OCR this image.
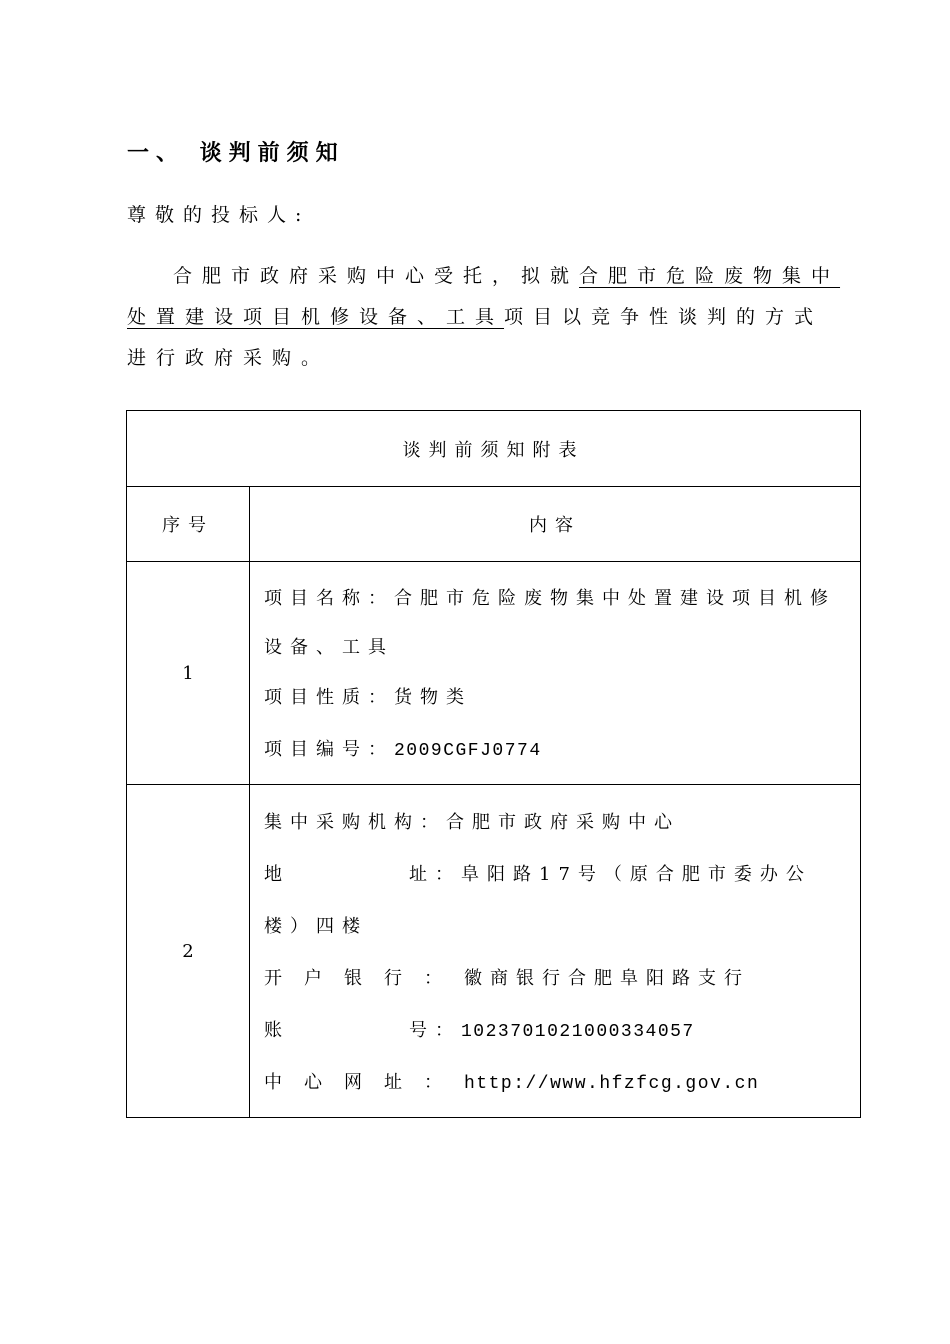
一、 谈判前须知
尊敬的投标人:
合肥市政府采购中心受托，拟就合肥市危险废物集中处置建设项目机修设备、工具项目以竞争性谈判的方式进行政府采购。
谈判前须知附表	
序号	内容
1	项目名称：合肥市危险废物集中处置建设项目机修设备、工具
项目性质：货物类
项目编号：2009CGFJ0774

2	集中采购机构：合肥市政府采购中心
地 址：阜阳路17号（原合肥市委办公楼）四楼
开户银行：徽商银行合肥阜阳路支行
账 号：1023701021000334057
中心网址：http://www.hfzfcg.gov.cn
